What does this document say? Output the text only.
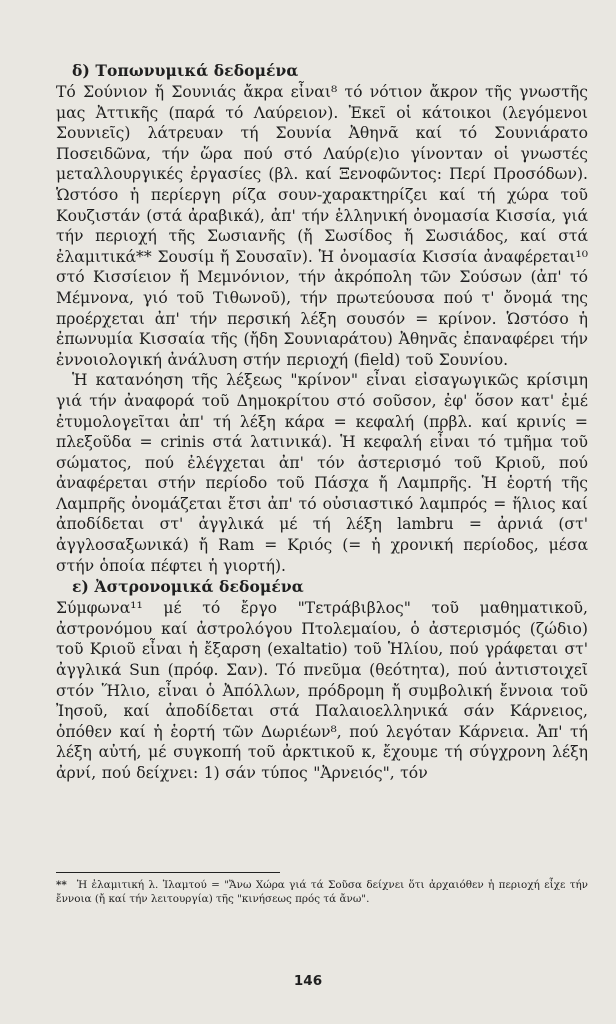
δ) Τοπωνυμικά δεδομένα

Τό Σούνιον ἤ Σουνιάς ἄκρα εἶναι⁸ τό νότιον ἄκρον τῆς γνωστῆς μας Ἀττικῆς (παρά τό Λαύρειον). Ἐκεῖ οἱ κάτοικοι (λεγόμενοι Σουνιεῖς) λάτρευαν τή Σουνία Ἀθηνᾶ καί τό Σουνιάρατο Ποσειδῶνα, τήν ὥρα πού στό Λαύρ(ε)ιο γίνονταν οἱ γνωστές μεταλλουργικές ἐργασίες (βλ. καί Ξενοφῶντος: Περί Προσόδων). Ὡστόσο ἡ περίεργη ρίζα σουν-χαρακτηρίζει καί τή χώρα τοῦ Κουζιστάν (στά ἀραβικά), ἀπ' τήν ἑλληνική ὀνομασία Κισσία, γιά τήν περιοχή τῆς Σωσιανῆς (ἤ Σωσίδος ἤ Σωσιάδος, καί στά ἐλαμιτικά** Σουσίμ ἤ Σουσαῖν). Ἡ ὀνομασία Κισσία ἀναφέρεται¹⁰ στό Κισσίειον ἤ Μεμνόνιον, τήν ἀκρόπολη τῶν Σούσων (ἀπ' τό Μέμνονα, γιό τοῦ Τιθωνοῦ), τήν πρωτεύουσα πού τ' ὄνομά της προέρχεται ἀπ' τήν περσική λέξη σουσόν = κρίνον. Ὡστόσο ἡ ἐπωνυμία Κισσαία τῆς (ἤδη Σουνιαράτου) Ἀθηνᾶς ἐπαναφέρει τήν ἐννοιολογική ἀνάλυση στήν περιοχή (field) τοῦ Σουνίου.

Ἡ κατανόηση τῆς λέξεως "κρίνον" εἶναι εἰσαγωγικῶς κρίσιμη γιά τήν ἀναφορά τοῦ Δημοκρίτου στό σοῦσον, ἐφ' ὅσον κατ' ἐμέ ἐτυμολογεῖται ἀπ' τή λέξη κάρα = κεφαλή (πρβλ. καί κρινίς = πλεξοῦδα = crinis στά λατινικά). Ἡ κεφαλή εἶναι τό τμῆμα τοῦ σώματος, πού ἐλέγχεται ἀπ' τόν ἀστερισμό τοῦ Κριοῦ, πού ἀναφέρεται στήν περίοδο τοῦ Πάσχα ἤ Λαμπρῆς. Ἡ ἑορτή τῆς Λαμπρῆς ὀνομάζεται ἔτσι ἀπ' τό οὐσιαστικό λαμπρός = ἥλιος καί ἀποδίδεται στ' ἀγγλικά μέ τή λέξη lambru = ἀρνιά (στ' ἀγγλοσαξωνικά) ἤ Ram = Κριός (= ἡ χρονική περίοδος, μέσα στήν ὁποία πέφτει ἡ γιορτή).

ε) Ἀστρονομικά δεδομένα

Σύμφωνα¹¹ μέ τό ἔργο "Τετράβιβλος" τοῦ μαθηματικοῦ, ἀστρονόμου καί ἀστρολόγου Πτολεμαίου, ὁ ἀστερισμός (ζώδιο) τοῦ Κριοῦ εἶναι ἡ ἔξαρση (exaltatio) τοῦ Ἡλίου, πού γράφεται στ' ἀγγλικά Sun (πρόφ. Σαν). Τό πνεῦμα (θεότητα), πού ἀντιστοιχεῖ στόν Ἥλιο, εἶναι ὁ Ἀπόλλων, πρόδρομη ἤ συμβολική ἔννοια τοῦ Ἰησοῦ, καί ἀποδίδεται στά Παλαιοελληνικά σάν Κάρνειος, ὁπόθεν καί ἡ ἑορτή τῶν Δωριέων⁸, πού λεγόταν Κάρνεια. Ἀπ' τή λέξη αὐτή, μέ συγκοπή τοῦ ἀρκτικοῦ κ, ἔχουμε τή σύγχρονη λέξη ἀρνί, πού δείχνει: 1) σάν τύπος "Ἀρνειός", τόν

** Ἡ ἐλαμιτική λ. Ἰλαμτού = "Ἄνω Χώρα γιά τά Σοῦσα δείχνει ὅτι ἀρχαιόθεν ἡ περιοχή εἶχε τήν ἔννοια (ἤ καί τήν λειτουργία) τῆς "κινήσεως πρός τά ἄνω".
146
